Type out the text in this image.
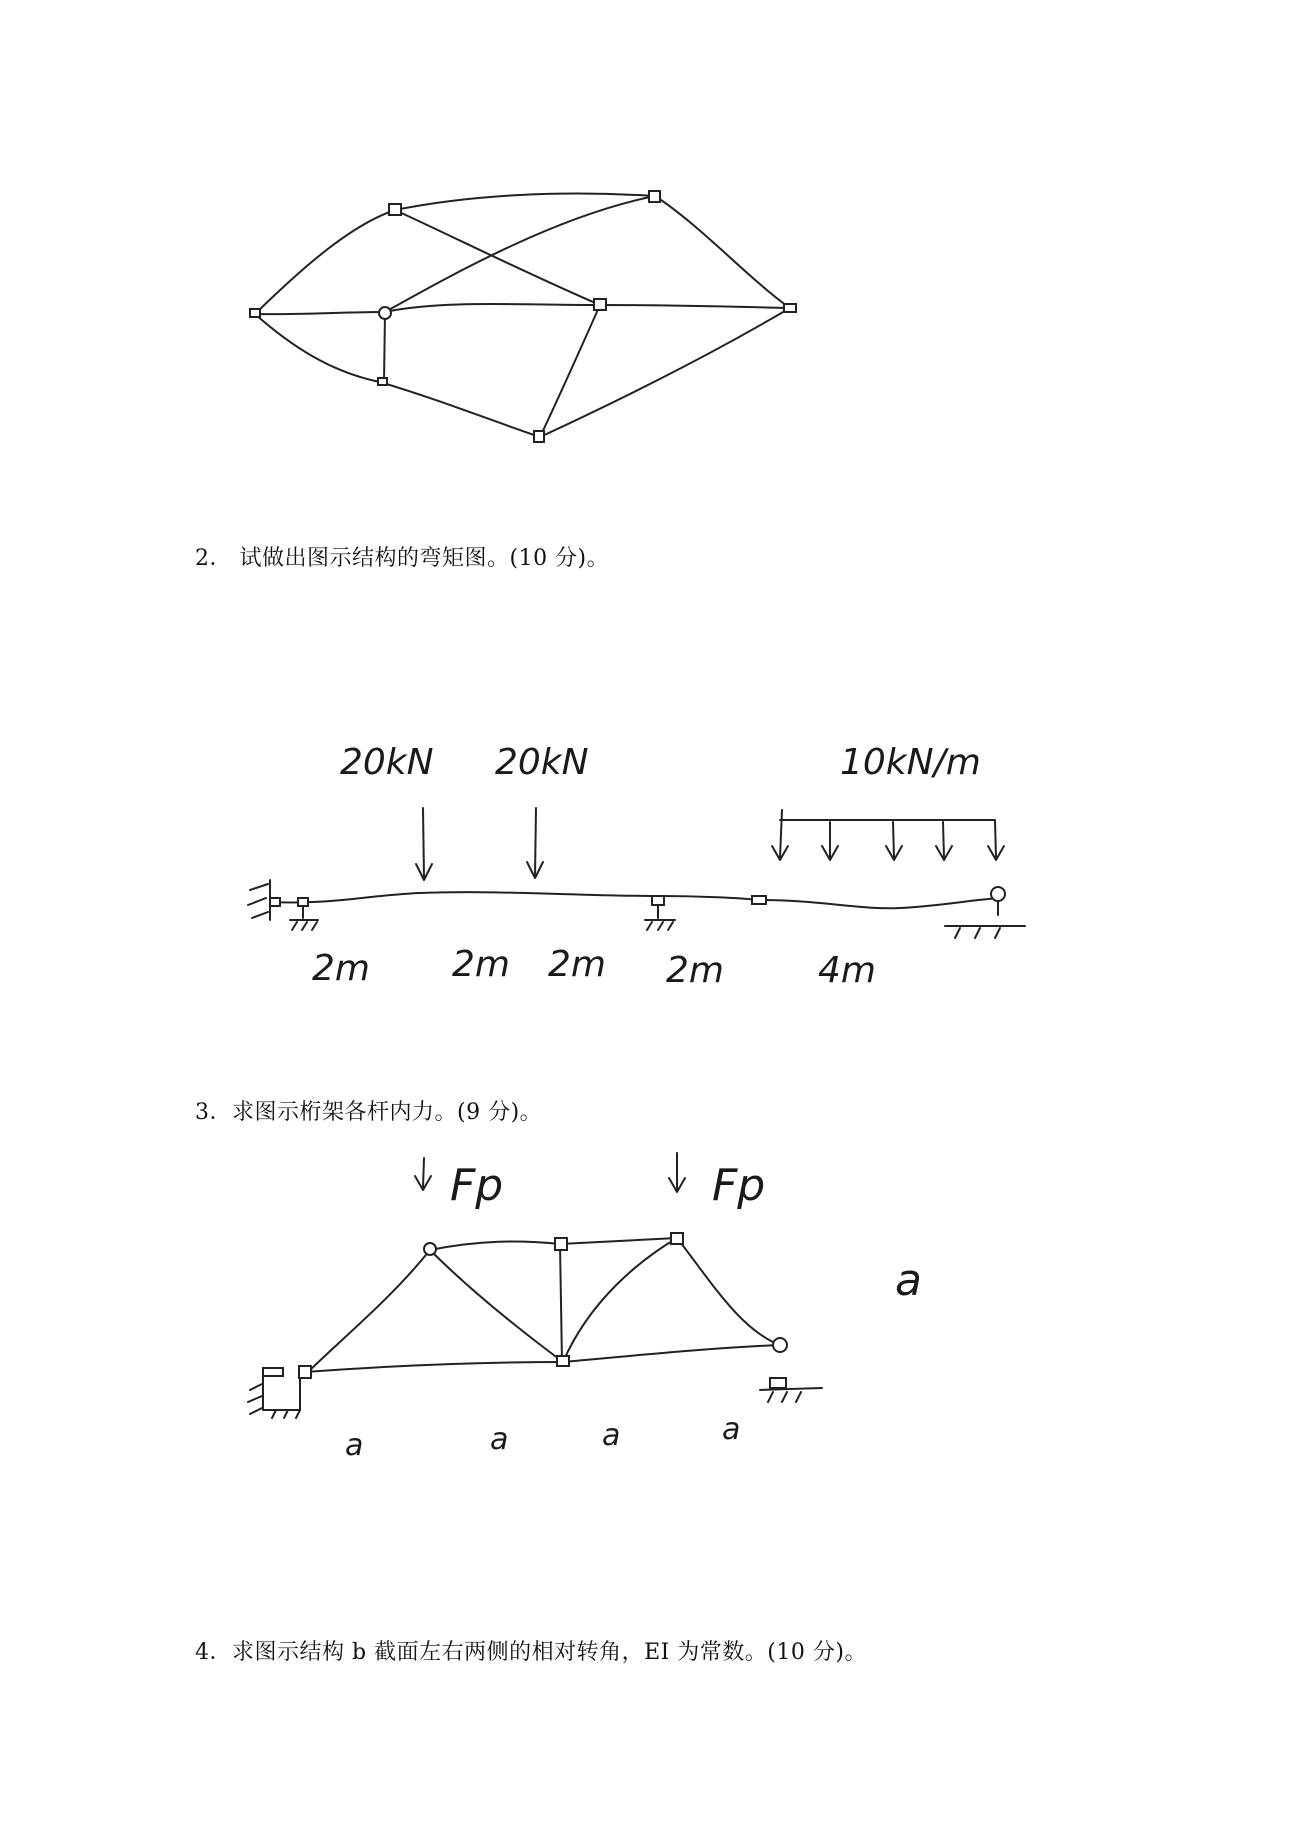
2． 试做出图示结构的弯矩图。(10 分)。
20kN 20kN	10kN/m
2m 2m 2m 2m	4m
3．求图示桁架各杆内力。(9 分)。
Fp	Fp
a
a	a	a	a
4．求图示结构 b 截面左右两侧的相对转角，EI 为常数。(10 分)。
